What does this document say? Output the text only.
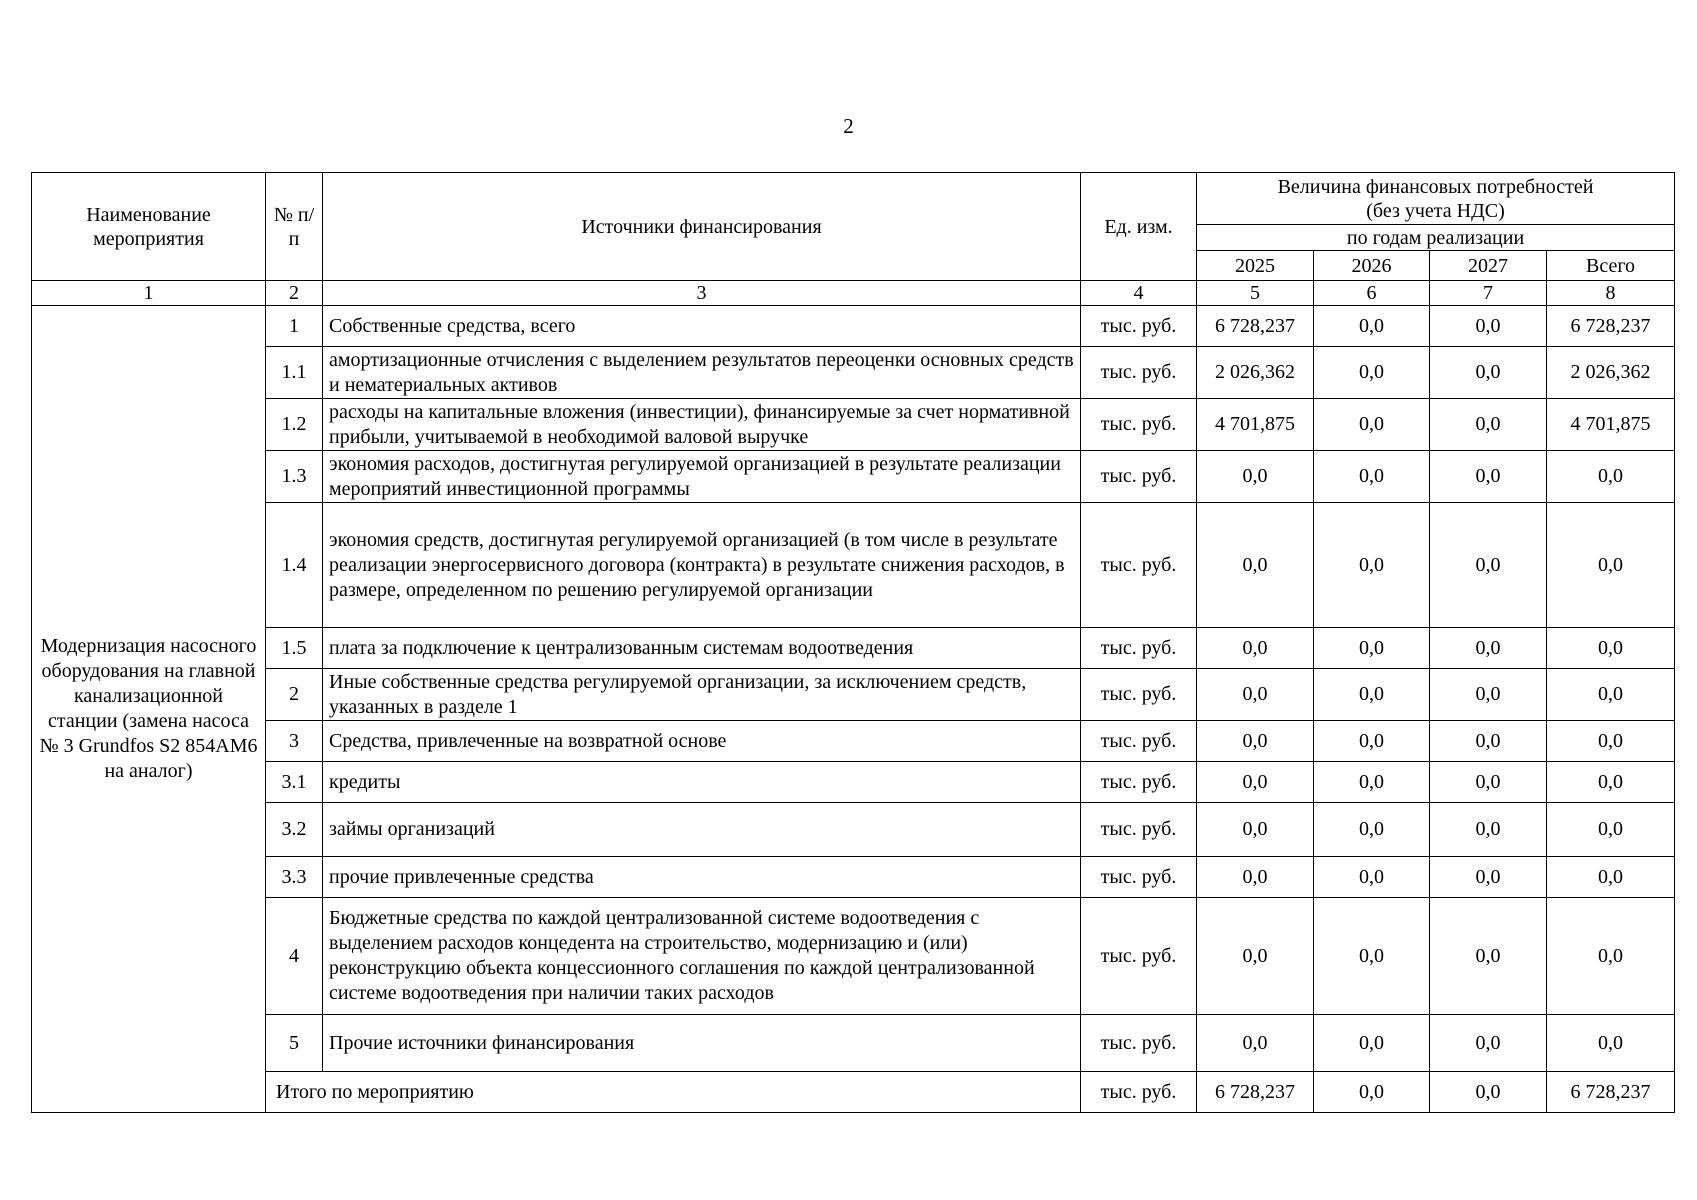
2
Наименование мероприятия	№ п/п	Источники финансирования	Ед. изм.	Величина финансовых потребностей
(без учета НДС)			

				по годам реализации			
				2025	2026	2027	Всего
1	2	3	4	5	6	7	8
Модернизация насосного оборудования на главной канализационной станции (замена насоса № 3 Grundfos S2 854AM6 на аналог)	1	Собственные средства, всего	тыс. руб.	6 728,237	0,0	0,0	6 728,237
	1.1	амортизационные отчисления с выделением результатов переоценки основных средств и нематериальных активов	тыс. руб.	2 026,362	0,0	0,0	2 026,362
	1.2	расходы на капитальные вложения (инвестиции), финансируемые за счет нормативной прибыли, учитываемой в необходимой валовой выручке	тыс. руб.	4 701,875	0,0	0,0	4 701,875
	1.3	экономия расходов, достигнутая регулируемой организацией в результате реализации мероприятий инвестиционной программы	тыс. руб.	0,0	0,0	0,0	0,0
	1.4	экономия средств, достигнутая регулируемой организацией (в том числе в результате реализации энергосервисного договора (контракта) в результате снижения расходов, в размере, определенном по решению регулируемой организации	тыс. руб.	0,0	0,0	0,0	0,0
	1.5	плата за подключение к централизованным системам водоотведения	тыс. руб.	0,0	0,0	0,0	0,0
	2	Иные собственные средства регулируемой организации, за исключением средств, указанных в разделе 1	тыс. руб.	0,0	0,0	0,0	0,0
	3	Средства, привлеченные на возвратной основе	тыс. руб.	0,0	0,0	0,0	0,0
	3.1	кредиты	тыс. руб.	0,0	0,0	0,0	0,0
	3.2	займы организаций	тыс. руб.	0,0	0,0	0,0	0,0
	3.3	прочие привлеченные средства	тыс. руб.	0,0	0,0	0,0	0,0
	4	Бюджетные средства по каждой централизованной системе водоотведения с выделением расходов концедента на строительство, модернизацию и (или) реконструкцию объекта концессионного соглашения по каждой централизованной системе водоотведения при наличии таких расходов	тыс. руб.	0,0	0,0	0,0	0,0
	5	Прочие источники финансирования	тыс. руб.	0,0	0,0	0,0	0,0
	Итого по мероприятию		тыс. руб.	6 728,237	0,0	0,0	6 728,237
